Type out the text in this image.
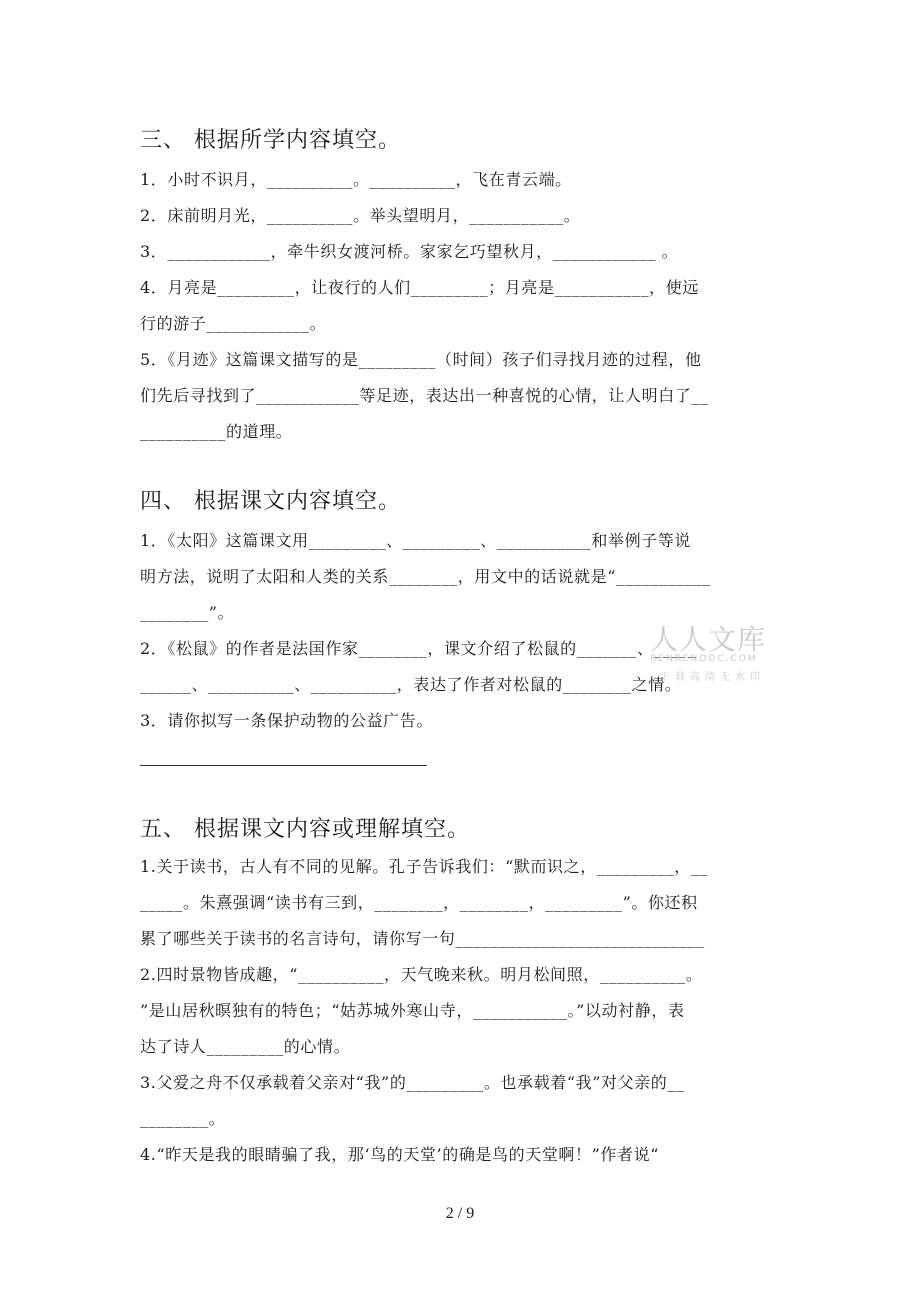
三、 根据所学内容填空。
1．小时不识月，__________。__________，飞在青云端。
2．床前明月光，__________。举头望明月，___________。
3．____________，牵牛织女渡河桥。家家乞巧望秋月，____________ 。
4．月亮是_________，让夜行的人们_________；月亮是___________，使远
行的游子____________。
5．《月迹》这篇课文描写的是_________（时间）孩子们寻找月迹的过程，他
们先后寻找到了____________等足迹，表达出一种喜悦的心情，让人明白了__
__________的道理。
四、 根据课文内容填空。
1．《太阳》这篇课文用_________、_________、___________和举例子等说
明方法，说明了太阳和人类的关系________，用文中的话说就是“___________
________”。
2．《松鼠》的作者是法国作家________，课文介绍了松鼠的_______、_____
______、__________、__________，表达了作者对松鼠的________之情。
3．请你拟写一条保护动物的公益广告。
五、 根据课文内容或理解填空。
1.关于读书，古人有不同的见解。孔子告诉我们：“默而识之，_________，__
_____。朱熹强调“读书有三到，________，________，_________”。你还积
累了哪些关于读书的名言诗句，请你写一句_____________________________
2.四时景物皆成趣，“__________，天气晚来秋。明月松间照，__________。
”是山居秋暝独有的特色；“姑苏城外寒山寺，___________。”以动衬静，表
达了诗人_________的心情。
3.父爱之舟不仅承载着父亲对“我”的_________。也承载着“我”对父亲的__
________。
4.“昨天是我的眼睛骗了我，那‘鸟的天堂’的确是鸟的天堂啊！”作者说“
人人文库
RENRENDOC.COM
下载高清无水印
2 / 9
